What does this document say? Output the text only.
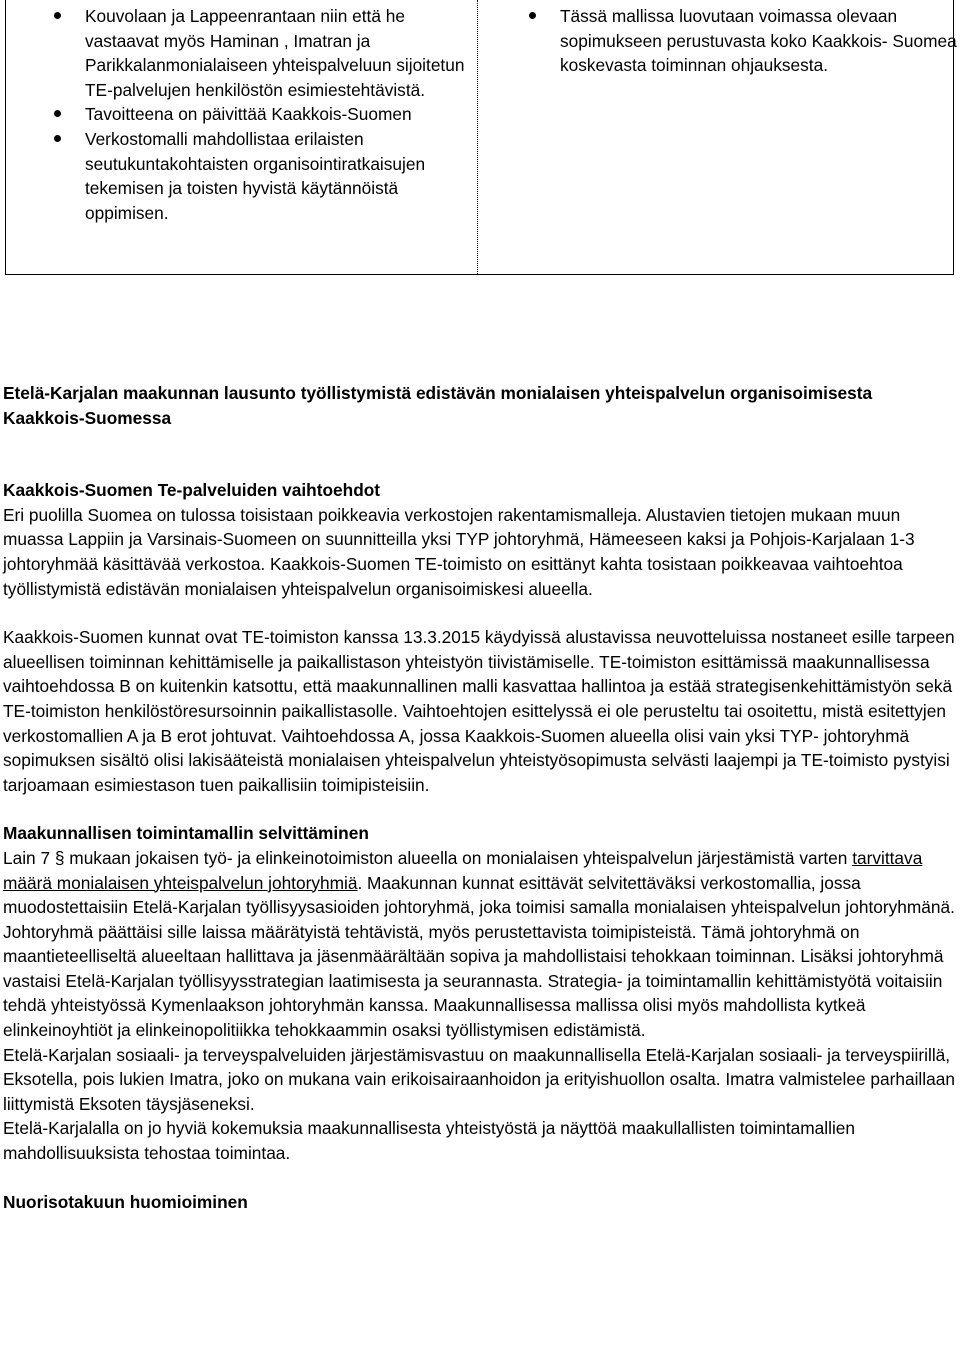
Kouvolaan ja Lappeenrantaan niin että he vastaavat myös Haminan , Imatran ja Parikkalanmonialaiseen yhteispalveluun sijoitetun TE-palvelujen henkilöstön esimiestehtävistä.
Tavoitteena on päivittää Kaakkois-Suomen
Verkostomalli mahdollistaa erilaisten seutukuntakohtaisten organisointiratkaisujen tekemisen ja toisten hyvistä käytännöistä oppimisen.
Tässä mallissa luovutaan voimassa olevaan sopimukseen perustuvasta koko Kaakkois- Suomea koskevasta toiminnan ohjauksesta.

Etelä-Karjalan maakunnan lausunto työllistymistä edistävän monialaisen yhteispalvelun organisoimisesta Kaakkois-Suomessa

Kaakkois-Suomen Te-palveluiden vaihtoehdot

Eri puolilla Suomea on tulossa toisistaan poikkeavia verkostojen rakentamismalleja. Alustavien tietojen mukaan muun muassa Lappiin ja Varsinais-Suomeen on suunnitteilla yksi TYP johtoryhmä, Hämeeseen kaksi ja Pohjois-Karjalaan 1-3 johtoryhmää käsittävää verkostoa. Kaakkois-Suomen TE-toimisto on esittänyt kahta tosistaan poikkeavaa vaihtoehtoa työllistymistä edistävän monialaisen yhteispalvelun organisoimiskesi alueella.

Kaakkois-Suomen kunnat ovat TE-toimiston kanssa 13.3.2015 käydyissä alustavissa neuvotteluissa nostaneet esille tarpeen alueellisen toiminnan kehittämiselle ja paikallistason yhteistyön tiivistämiselle. TE-toimiston esittämissä maakunnallisessa vaihtoehdossa B on kuitenkin katsottu, että maakunnallinen malli kasvattaa hallintoa ja estää strategisenkehittämistyön sekä TE-toimiston henkilöstöresursoinnin paikallistasolle. Vaihtoehtojen esittelyssä ei ole perusteltu tai osoitettu, mistä esitettyjen verkostomallien A ja B erot johtuvat. Vaihtoehdossa A, jossa Kaakkois-Suomen alueella olisi vain yksi TYP- johtoryhmä sopimuksen sisältö olisi lakisääteistä monialaisen yhteispalvelun yhteistyösopimusta selvästi laajempi ja TE-toimisto pystyisi tarjoamaan esimiestason tuen paikallisiin toimipisteisiin.

Maakunnallisen toimintamallin selvittäminen

Lain 7 § mukaan jokaisen työ- ja elinkeinotoimiston alueella on monialaisen yhteispalvelun järjestämistä varten tarvittava määrä monialaisen yhteispalvelun johtoryhmiä. Maakunnan kunnat esittävät selvitettäväksi verkostomallia, jossa muodostettaisiin Etelä-Karjalan työllisyysasioiden johtoryhmä, joka toimisi samalla monialaisen yhteispalvelun johtoryhmänä. Johtoryhmä päättäisi sille laissa määrätyistä tehtävistä, myös perustettavista toimipisteistä. Tämä johtoryhmä on maantieteelliseltä alueeltaan hallittava ja jäsenmäärältään sopiva ja mahdollistaisi tehokkaan toiminnan. Lisäksi johtoryhmä vastaisi Etelä-Karjalan työllisyysstrategian laatimisesta ja seurannasta. Strategia- ja toimintamallin kehittämistyötä voitaisiin tehdä yhteistyössä Kymenlaakson johtoryhmän kanssa. Maakunnallisessa mallissa olisi myös mahdollista kytkeä elinkeinoyhtiöt ja elinkeinopolitiikka tehokkaammin osaksi työllistymisen edistämistä.

Etelä-Karjalan sosiaali- ja terveyspalveluiden järjestämisvastuu on maakunnallisella Etelä-Karjalan sosiaali- ja terveyspiirillä, Eksotella, pois lukien Imatra, joko on mukana vain erikoisairaanhoidon ja erityishuollon osalta. Imatra valmistelee parhaillaan liittymistä Eksoten täysjäseneksi.

Etelä-Karjalalla on jo hyviä kokemuksia maakunnallisesta yhteistyöstä ja näyttöä maakullallisten toimintamallien mahdollisuuksista tehostaa toimintaa.

Nuorisotakuun huomioiminen
